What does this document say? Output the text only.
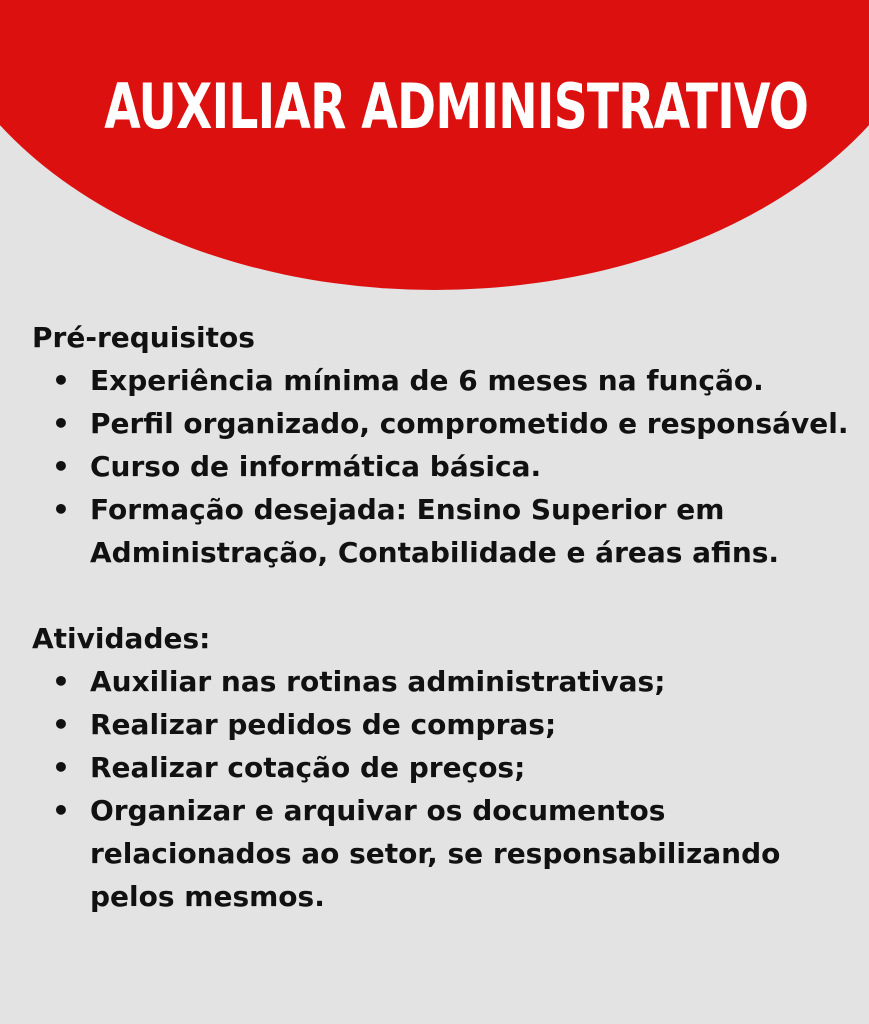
AUXILIAR ADMINISTRATIVO
Pré-requisitos
• Experiência mínima de 6 meses na função.
• Perfil organizado, comprometido e responsável.
• Curso de informática básica.
• Formação desejada: Ensino Superior em Administração, Contabilidade e áreas afins.
Atividades:
• Auxiliar nas rotinas administrativas;
• Realizar pedidos de compras;
• Realizar cotação de preços;
• Organizar e arquivar os documentos relacionados ao setor, se responsabilizando pelos mesmos.
